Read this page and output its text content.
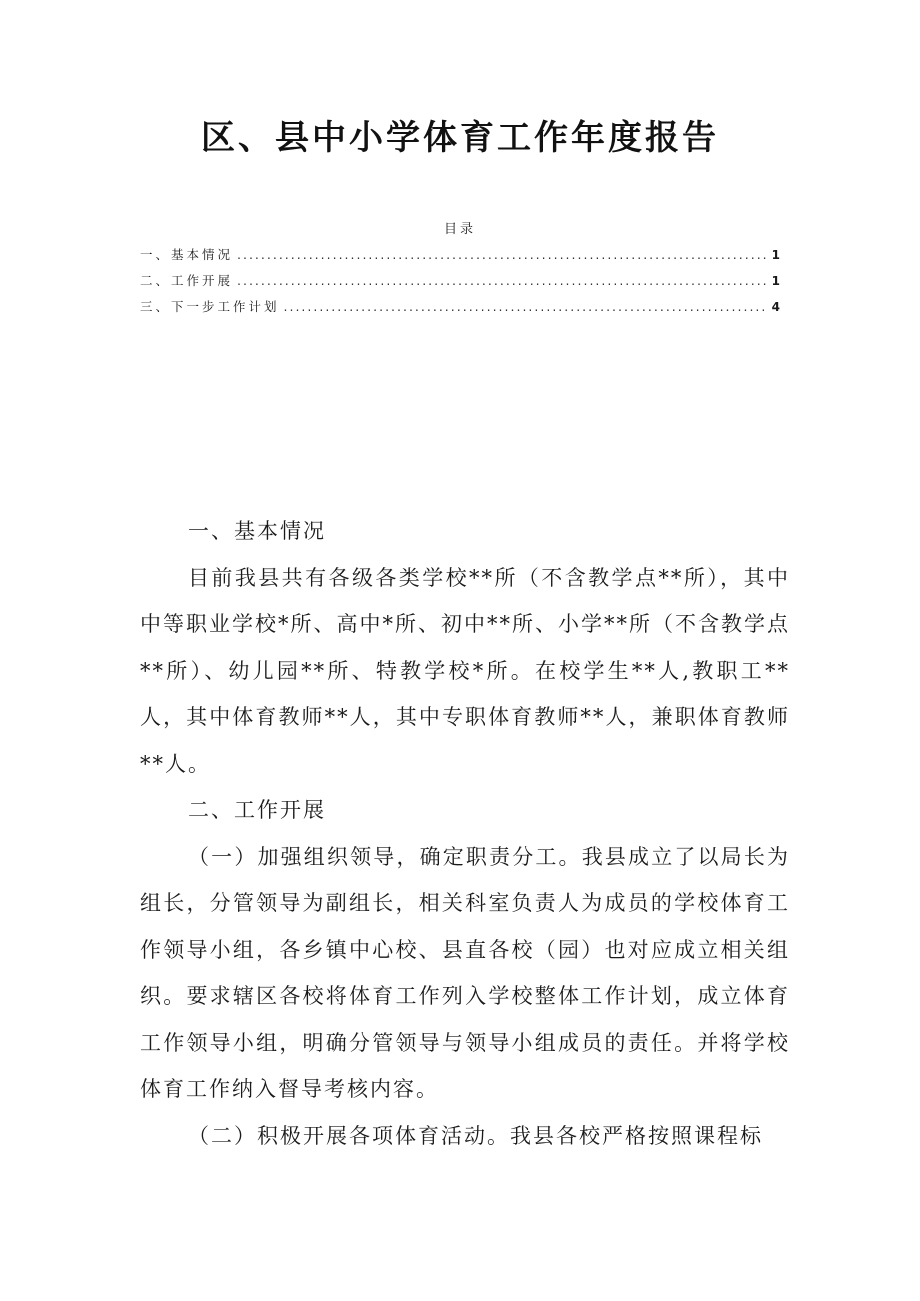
区、县中小学体育工作年度报告
目录
一、基本情况 .....	1
二、工作开展 .....	1
三、下一步工作计划 .....	4
一、基本情况

目前我县共有各级各类学校**所（不含教学点**所），其中中等职业学校*所、高中*所、初中**所、小学**所（不含教学点**所）、幼儿园**所、特教学校*所。在校学生**人,教职工**人，其中体育教师**人，其中专职体育教师**人，兼职体育教师**人。

二、工作开展

（一）加强组织领导，确定职责分工。我县成立了以局长为组长，分管领导为副组长，相关科室负责人为成员的学校体育工作领导小组，各乡镇中心校、县直各校（园）也对应成立相关组织。要求辖区各校将体育工作列入学校整体工作计划，成立体育工作领导小组，明确分管领导与领导小组成员的责任。并将学校体育工作纳入督导考核内容。

（二）积极开展各项体育活动。我县各校严格按照课程标
